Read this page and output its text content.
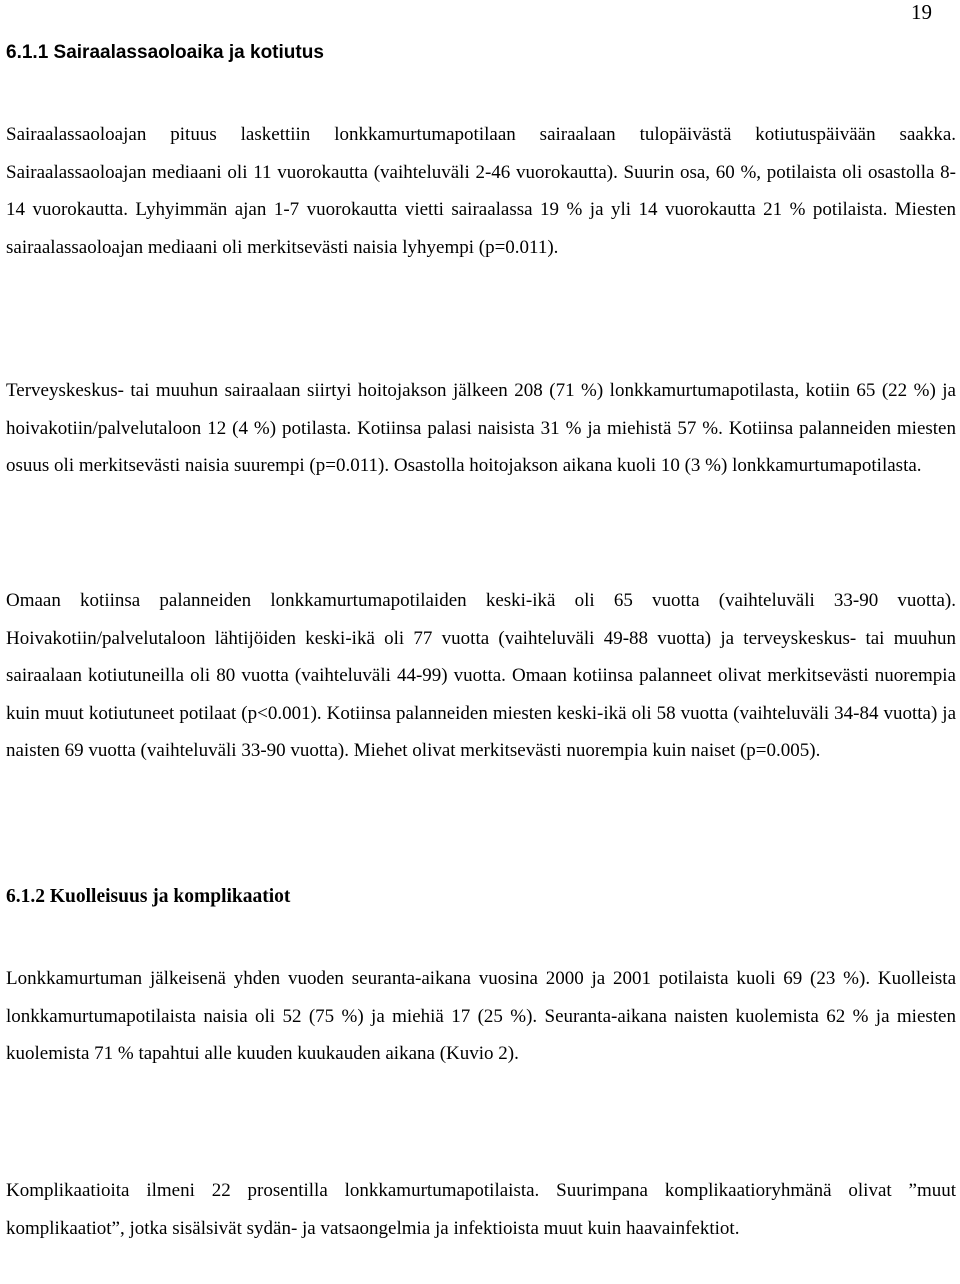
19
6.1.1 Sairaalassaoloaika ja kotiutus

Sairaalassaoloajan pituus laskettiin lonkkamurtumapotilaan sairaalaan tulopäivästä kotiutuspäivään saakka. Sairaalassaoloajan mediaani oli 11 vuorokautta (vaihteluväli 2-46 vuorokautta). Suurin osa, 60 %, potilaista oli osastolla 8-14 vuorokautta. Lyhyimmän ajan 1-7 vuorokautta vietti sairaalassa 19 % ja yli 14 vuorokautta 21 % potilaista. Miesten sairaalassaoloajan mediaani oli merkitsevästi naisia lyhyempi (p=0.011).

Terveyskeskus- tai muuhun sairaalaan siirtyi hoitojakson jälkeen 208 (71 %) lonkkamurtumapotilasta, kotiin 65 (22 %) ja hoivakotiin/palvelutaloon 12 (4 %) potilasta. Kotiinsa palasi naisista 31 % ja miehistä 57 %. Kotiinsa palanneiden miesten osuus oli merkitsevästi naisia suurempi (p=0.011). Osastolla hoitojakson aikana kuoli 10 (3 %) lonkkamurtumapotilasta.

Omaan kotiinsa palanneiden lonkkamurtumapotilaiden keski-ikä oli 65 vuotta (vaihteluväli 33-90 vuotta). Hoivakotiin/palvelutaloon lähtijöiden keski-ikä oli 77 vuotta (vaihteluväli 49-88 vuotta) ja terveyskeskus- tai muuhun sairaalaan kotiutuneilla oli 80 vuotta (vaihteluväli 44-99) vuotta. Omaan kotiinsa palanneet olivat merkitsevästi nuorempia kuin muut kotiutuneet potilaat (p<0.001). Kotiinsa palanneiden miesten keski-ikä oli 58 vuotta (vaihteluväli 34-84 vuotta) ja naisten 69 vuotta (vaihteluväli 33-90 vuotta). Miehet olivat merkitsevästi nuorempia kuin naiset (p=0.005).

6.1.2 Kuolleisuus ja komplikaatiot

Lonkkamurtuman jälkeisenä yhden vuoden seuranta-aikana vuosina 2000 ja 2001 potilaista kuoli 69 (23 %). Kuolleista lonkkamurtumapotilaista naisia oli 52 (75 %) ja miehiä 17 (25 %). Seuranta-aikana naisten kuolemista 62 % ja miesten kuolemista 71 % tapahtui alle kuuden kuukauden aikana (Kuvio 2).

Komplikaatioita ilmeni 22 prosentilla lonkkamurtumapotilaista. Suurimpana komplikaatioryhmänä olivat ”muut komplikaatiot”, jotka sisälsivät sydän- ja vatsaongelmia ja infektioista muut kuin haavainfektiot.
